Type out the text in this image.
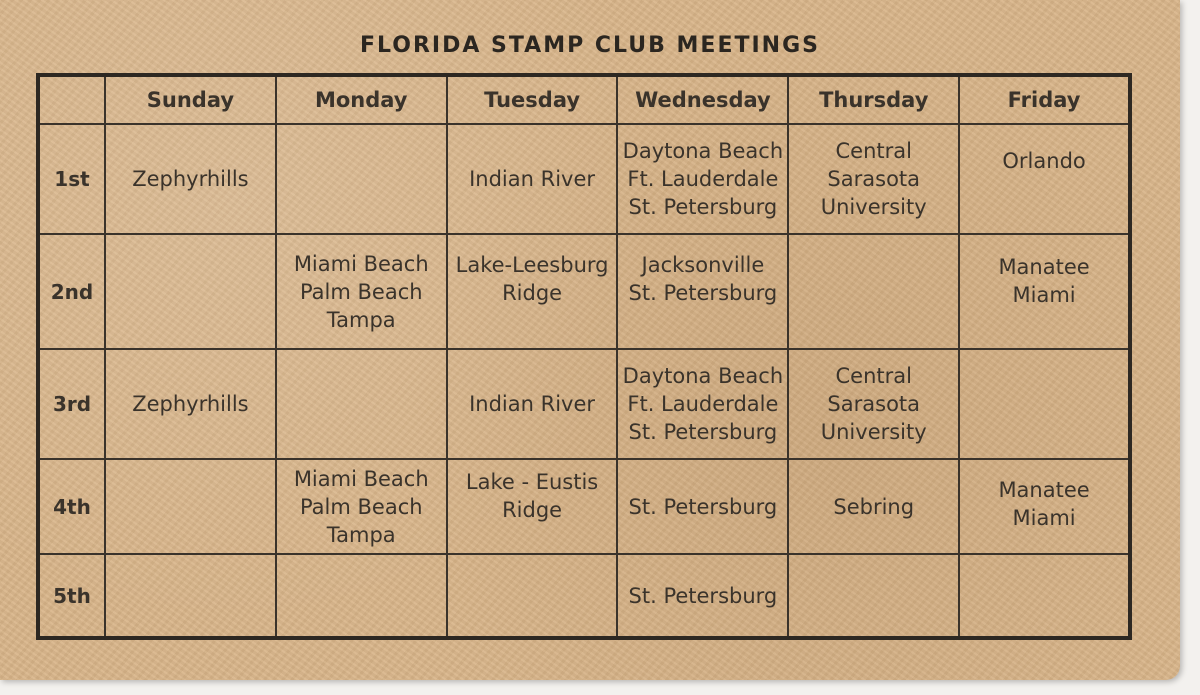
FLORIDA STAMP CLUB MEETINGS
	Sunday	Monday	Tuesday	Wednesday	Thursday	Friday
1st	Zephyrhills		Indian River	Daytona Beach
Ft. Lauderdale
St. Petersburg	Central
Sarasota
University	Orlando

2nd		Miami Beach
Palm Beach
Tampa	Lake-Leesburg
Ridge	Jacksonville
St. Petersburg		Manatee
Miami

3rd	Zephyrhills		Indian River	Daytona Beach
Ft. Lauderdale
St. Petersburg	Central
Sarasota
University	

4th		Miami Beach
Palm Beach
Tampa	Lake - Eustis
Ridge	St. Petersburg	Sebring	Manatee
Miami

5th				St. Petersburg		
